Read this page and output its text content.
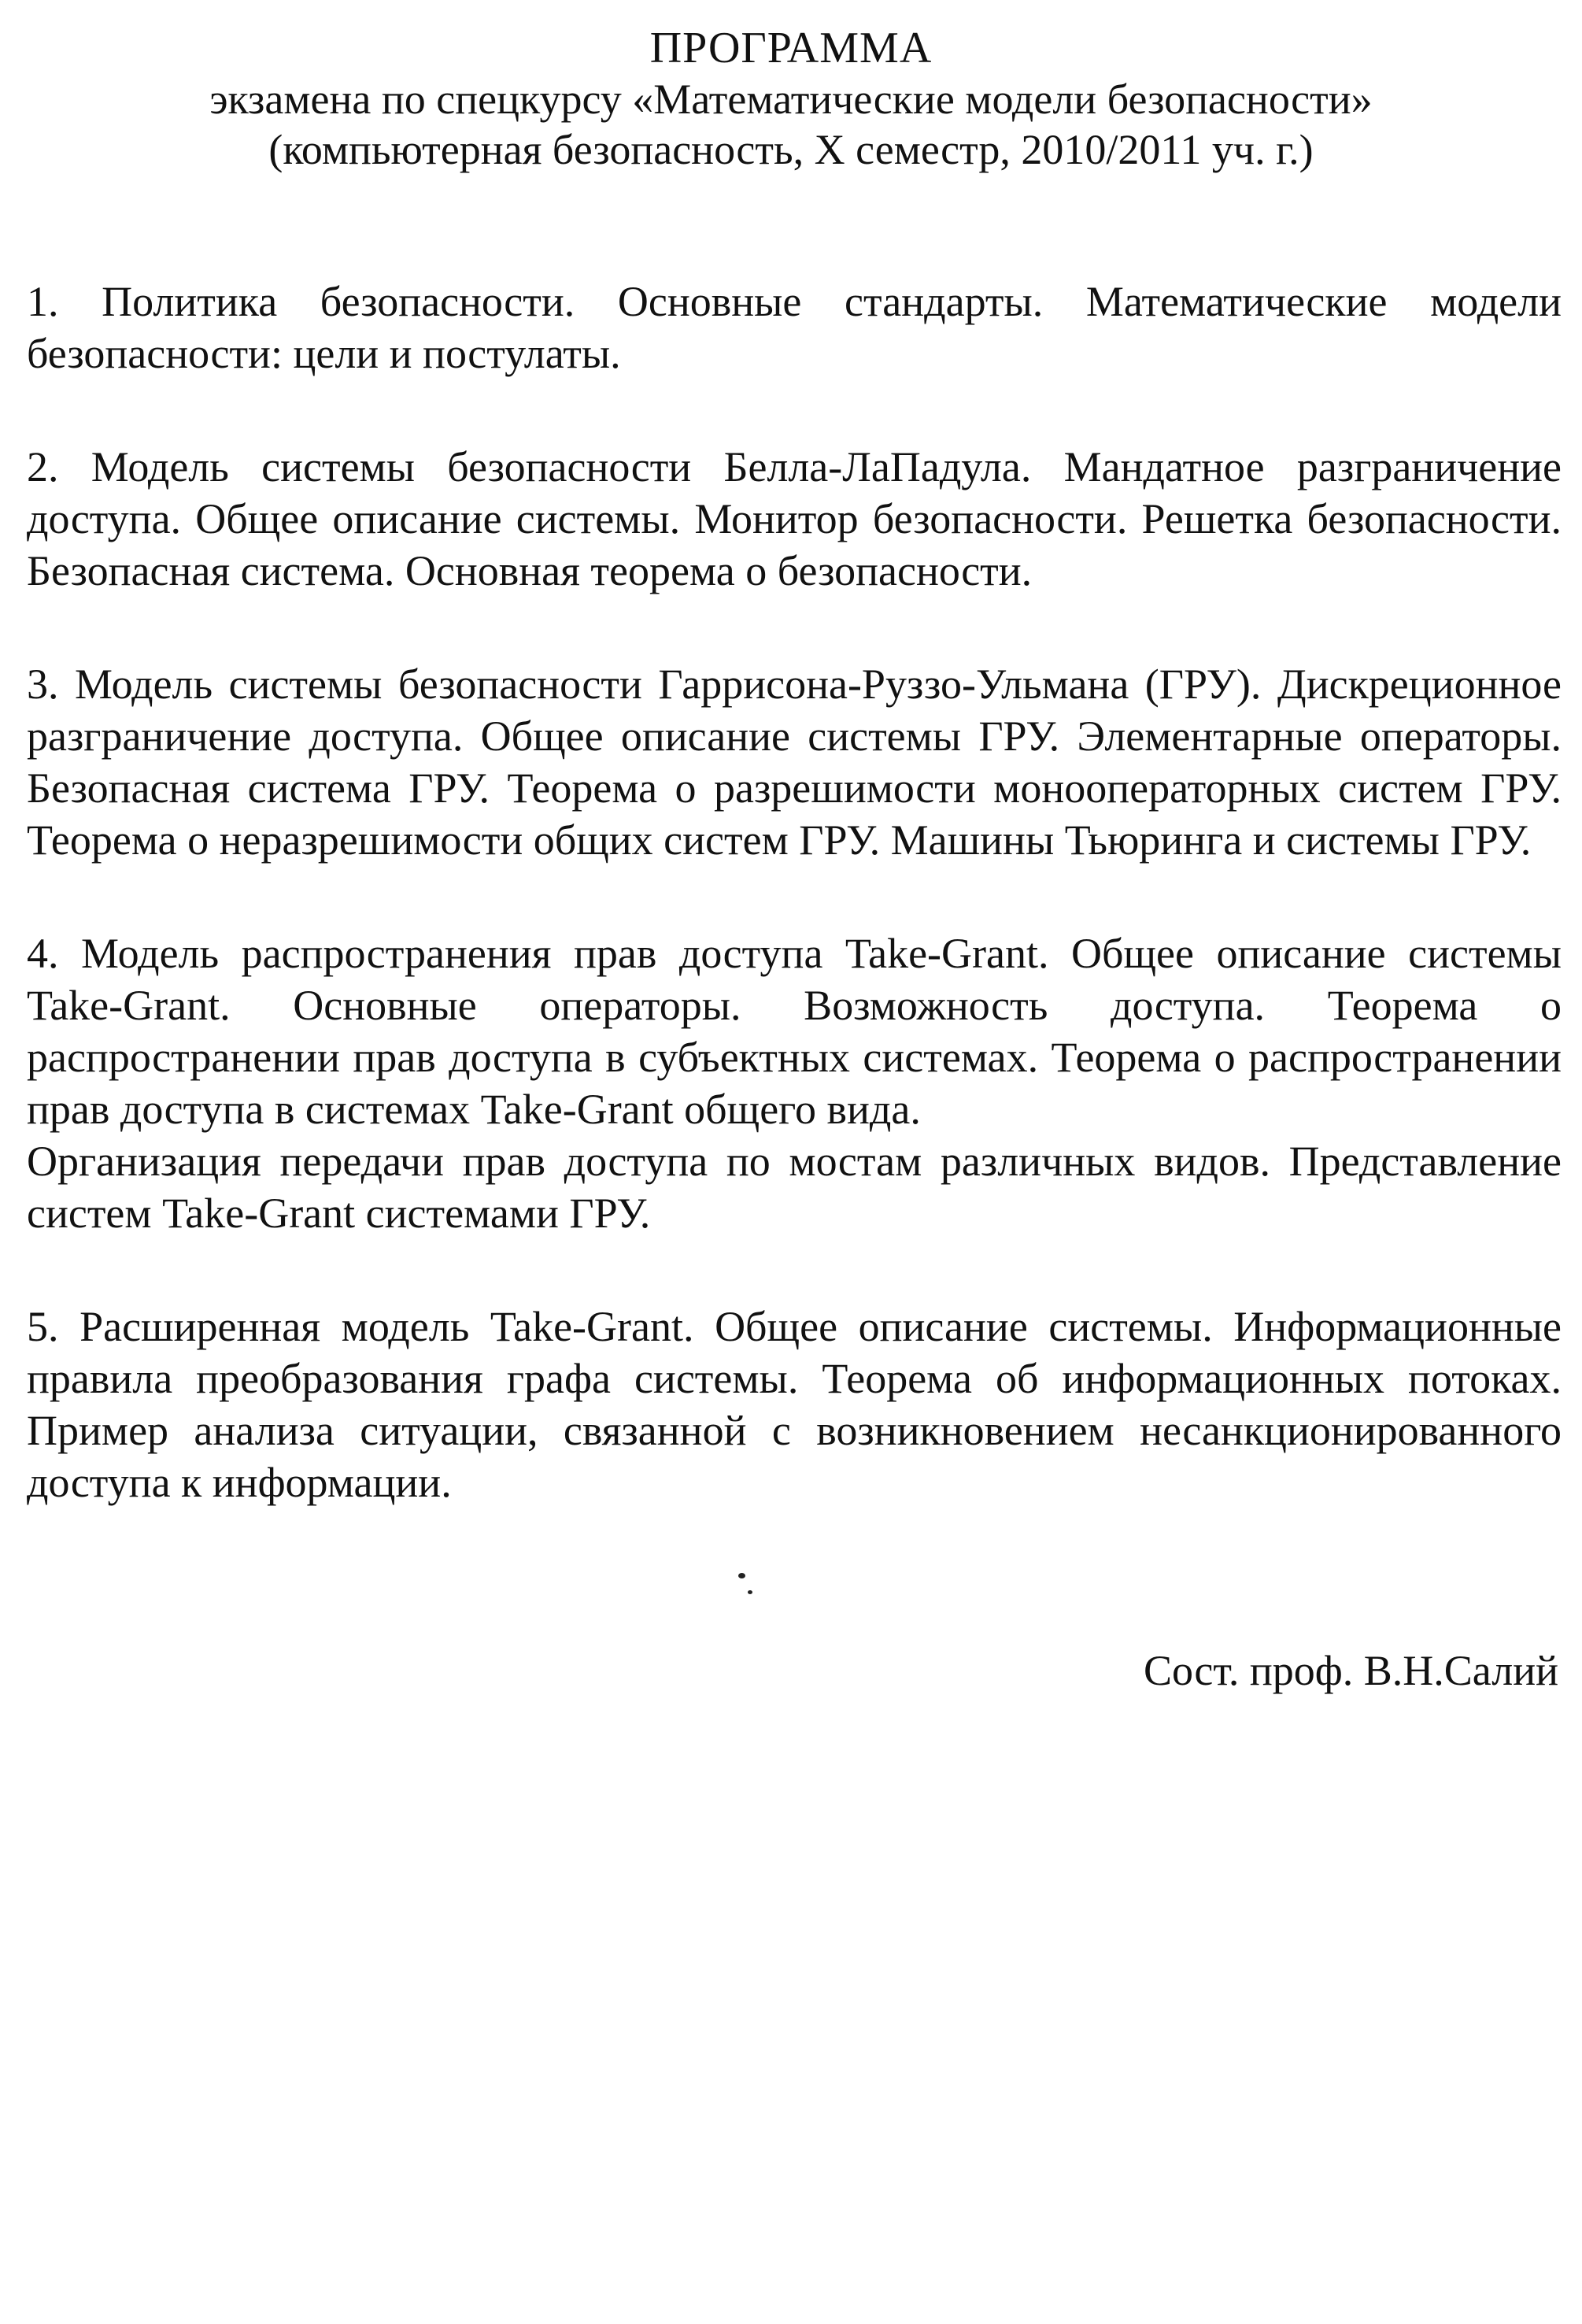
ПРОГРАММА
экзамена по спецкурсу «Математические модели безопасности»
(компьютерная безопасность, X семестр, 2010/2011 уч. г.)
1. Политика безопасности. Основные стандарты. Математические модели безопасности: цели и постулаты.
2. Модель системы безопасности Белла-ЛаПадула. Мандатное разграничение доступа. Общее описание системы. Монитор безопасности. Решетка безопасности. Безопасная система. Основная теорема о безопасности.
3. Модель системы безопасности Гаррисона-Руззо-Ульмана (ГРУ). Дискреционное разграничение доступа. Общее описание системы ГРУ. Элементарные операторы. Безопасная система ГРУ. Теорема о разрешимости монооператорных систем ГРУ. Теорема о неразрешимости общих систем ГРУ. Машины Тьюринга и системы ГРУ.
4. Модель распространения прав доступа Take-Grant. Общее описание системы Take-Grant. Основные операторы. Возможность доступа. Теорема о распространении прав доступа в субъектных системах. Теорема о распространении прав доступа в системах Take-Grant общего вида.
Организация передачи прав доступа по мостам различных видов. Представление систем Take-Grant системами ГРУ.
5. Расширенная модель Take-Grant. Общее описание системы. Информационные правила преобразования графа системы. Теорема об информационных потоках. Пример анализа ситуации, связанной с возникновением несанкционированного доступа к информации.
Сост. проф. В.Н.Салий
